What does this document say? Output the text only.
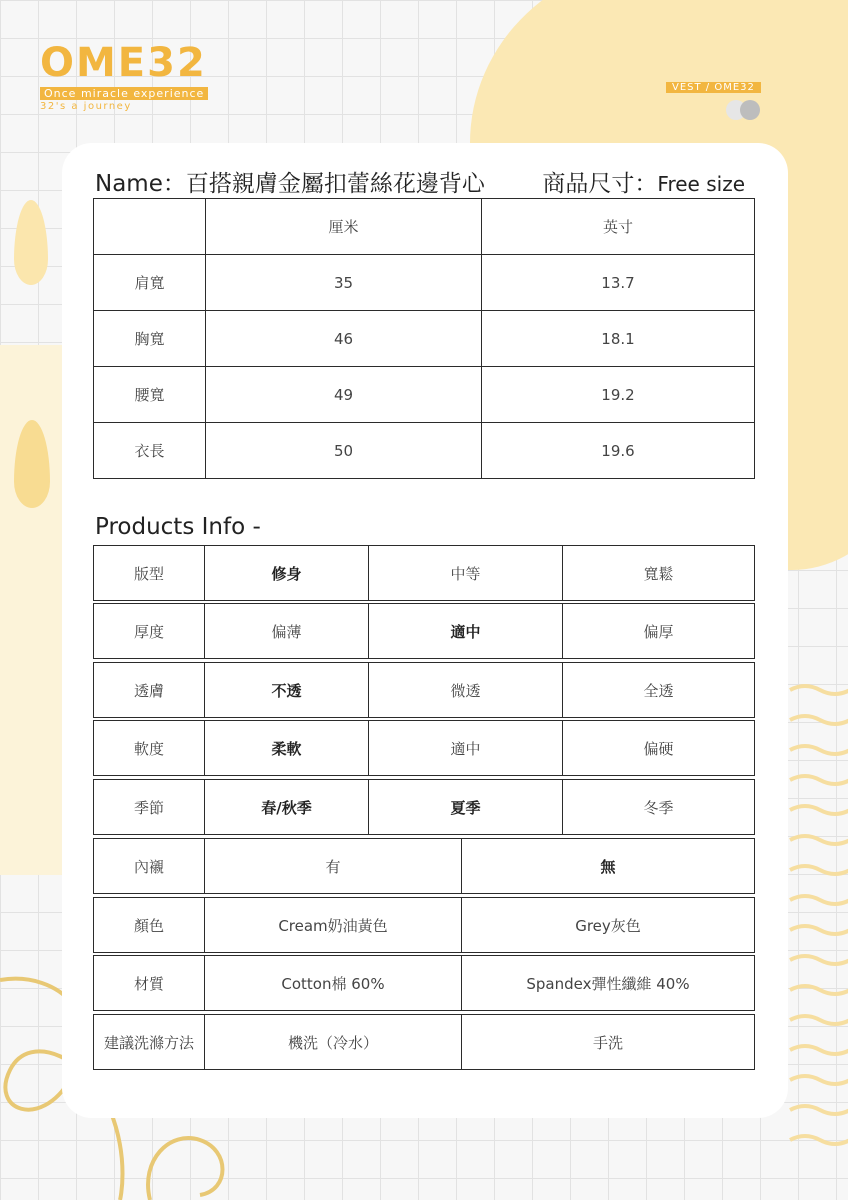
OME32
Once miracle experience
32's a journey
VEST / OME32
Name：百搭親膚金屬扣蕾絲花邊背心	商品尺寸：Free size
	厘米	英寸
肩寬	35	13.7
胸寬	46	18.1
腰寬	49	19.2
衣長	50	19.6
Products Info -
版型	修身	中等	寬鬆
厚度	偏薄	適中	偏厚
透膚	不透	微透	全透
軟度	柔軟	適中	偏硬
季節	春/秋季	夏季	冬季
內襯	有	無
顏色	Cream奶油黃色	Grey灰色
材質	Cotton棉 60%	Spandex彈性纖維 40%
建議洗滌方法	機洗（冷水）	手洗
